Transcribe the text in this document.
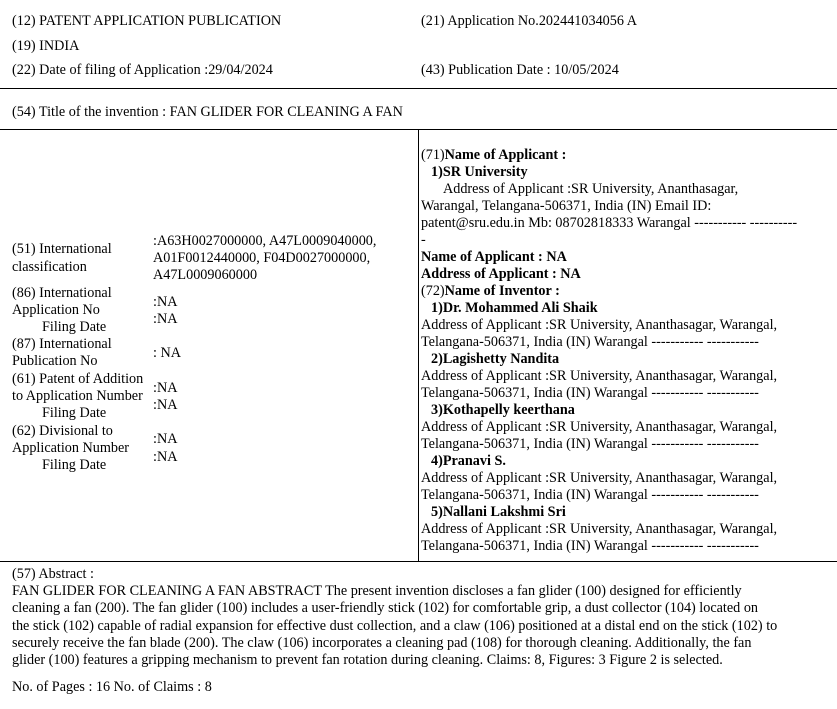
(12) PATENT APPLICATION PUBLICATION
(19) INDIA
(22) Date of filing of Application :29/04/2024
(21) Application No.202441034056 A
(43) Publication Date : 10/05/2024
(54) Title of the invention : FAN GLIDER FOR CLEANING A FAN
(51) International
classification
:A63H0027000000, A47L0009040000,
A01F0012440000, F04D0027000000,
A47L0009060000
(86) International
Application No
Filing Date
:NA
:NA
(87) International
Publication No	: NA
(61) Patent of Addition
to Application Number
Filing Date
:NA
:NA
(62) Divisional to
Application Number
Filing Date
:NA
:NA
(71)Name of Applicant :
1)SR University
Address of Applicant :SR University, Ananthasagar,
Warangal, Telangana-506371, India (IN) Email ID:
patent@sru.edu.in Mb: 08702818333 Warangal ----------- ----------
-
Name of Applicant : NA
Address of Applicant : NA
(72)Name of Inventor :
1)Dr. Mohammed Ali Shaik
Address of Applicant :SR University, Ananthasagar, Warangal,
Telangana-506371, India (IN) Warangal ----------- -----------
2)Lagishetty Nandita
Address of Applicant :SR University, Ananthasagar, Warangal,
Telangana-506371, India (IN) Warangal ----------- -----------
3)Kothapelly keerthana
Address of Applicant :SR University, Ananthasagar, Warangal,
Telangana-506371, India (IN) Warangal ----------- -----------
4)Pranavi S.
Address of Applicant :SR University, Ananthasagar, Warangal,
Telangana-506371, India (IN) Warangal ----------- -----------
5)Nallani Lakshmi Sri
Address of Applicant :SR University, Ananthasagar, Warangal,
Telangana-506371, India (IN) Warangal ----------- -----------
(57) Abstract :
FAN GLIDER FOR CLEANING A FAN ABSTRACT The present invention discloses a fan glider (100) designed for efficiently
cleaning a fan (200). The fan glider (100) includes a user-friendly stick (102) for comfortable grip, a dust collector (104) located on
the stick (102) capable of radial expansion for effective dust collection, and a claw (106) positioned at a distal end on the stick (102) to
securely receive the fan blade (200). The claw (106) incorporates a cleaning pad (108) for thorough cleaning. Additionally, the fan
glider (100) features a gripping mechanism to prevent fan rotation during cleaning. Claims: 8, Figures: 3 Figure 2 is selected.
No. of Pages : 16 No. of Claims : 8
